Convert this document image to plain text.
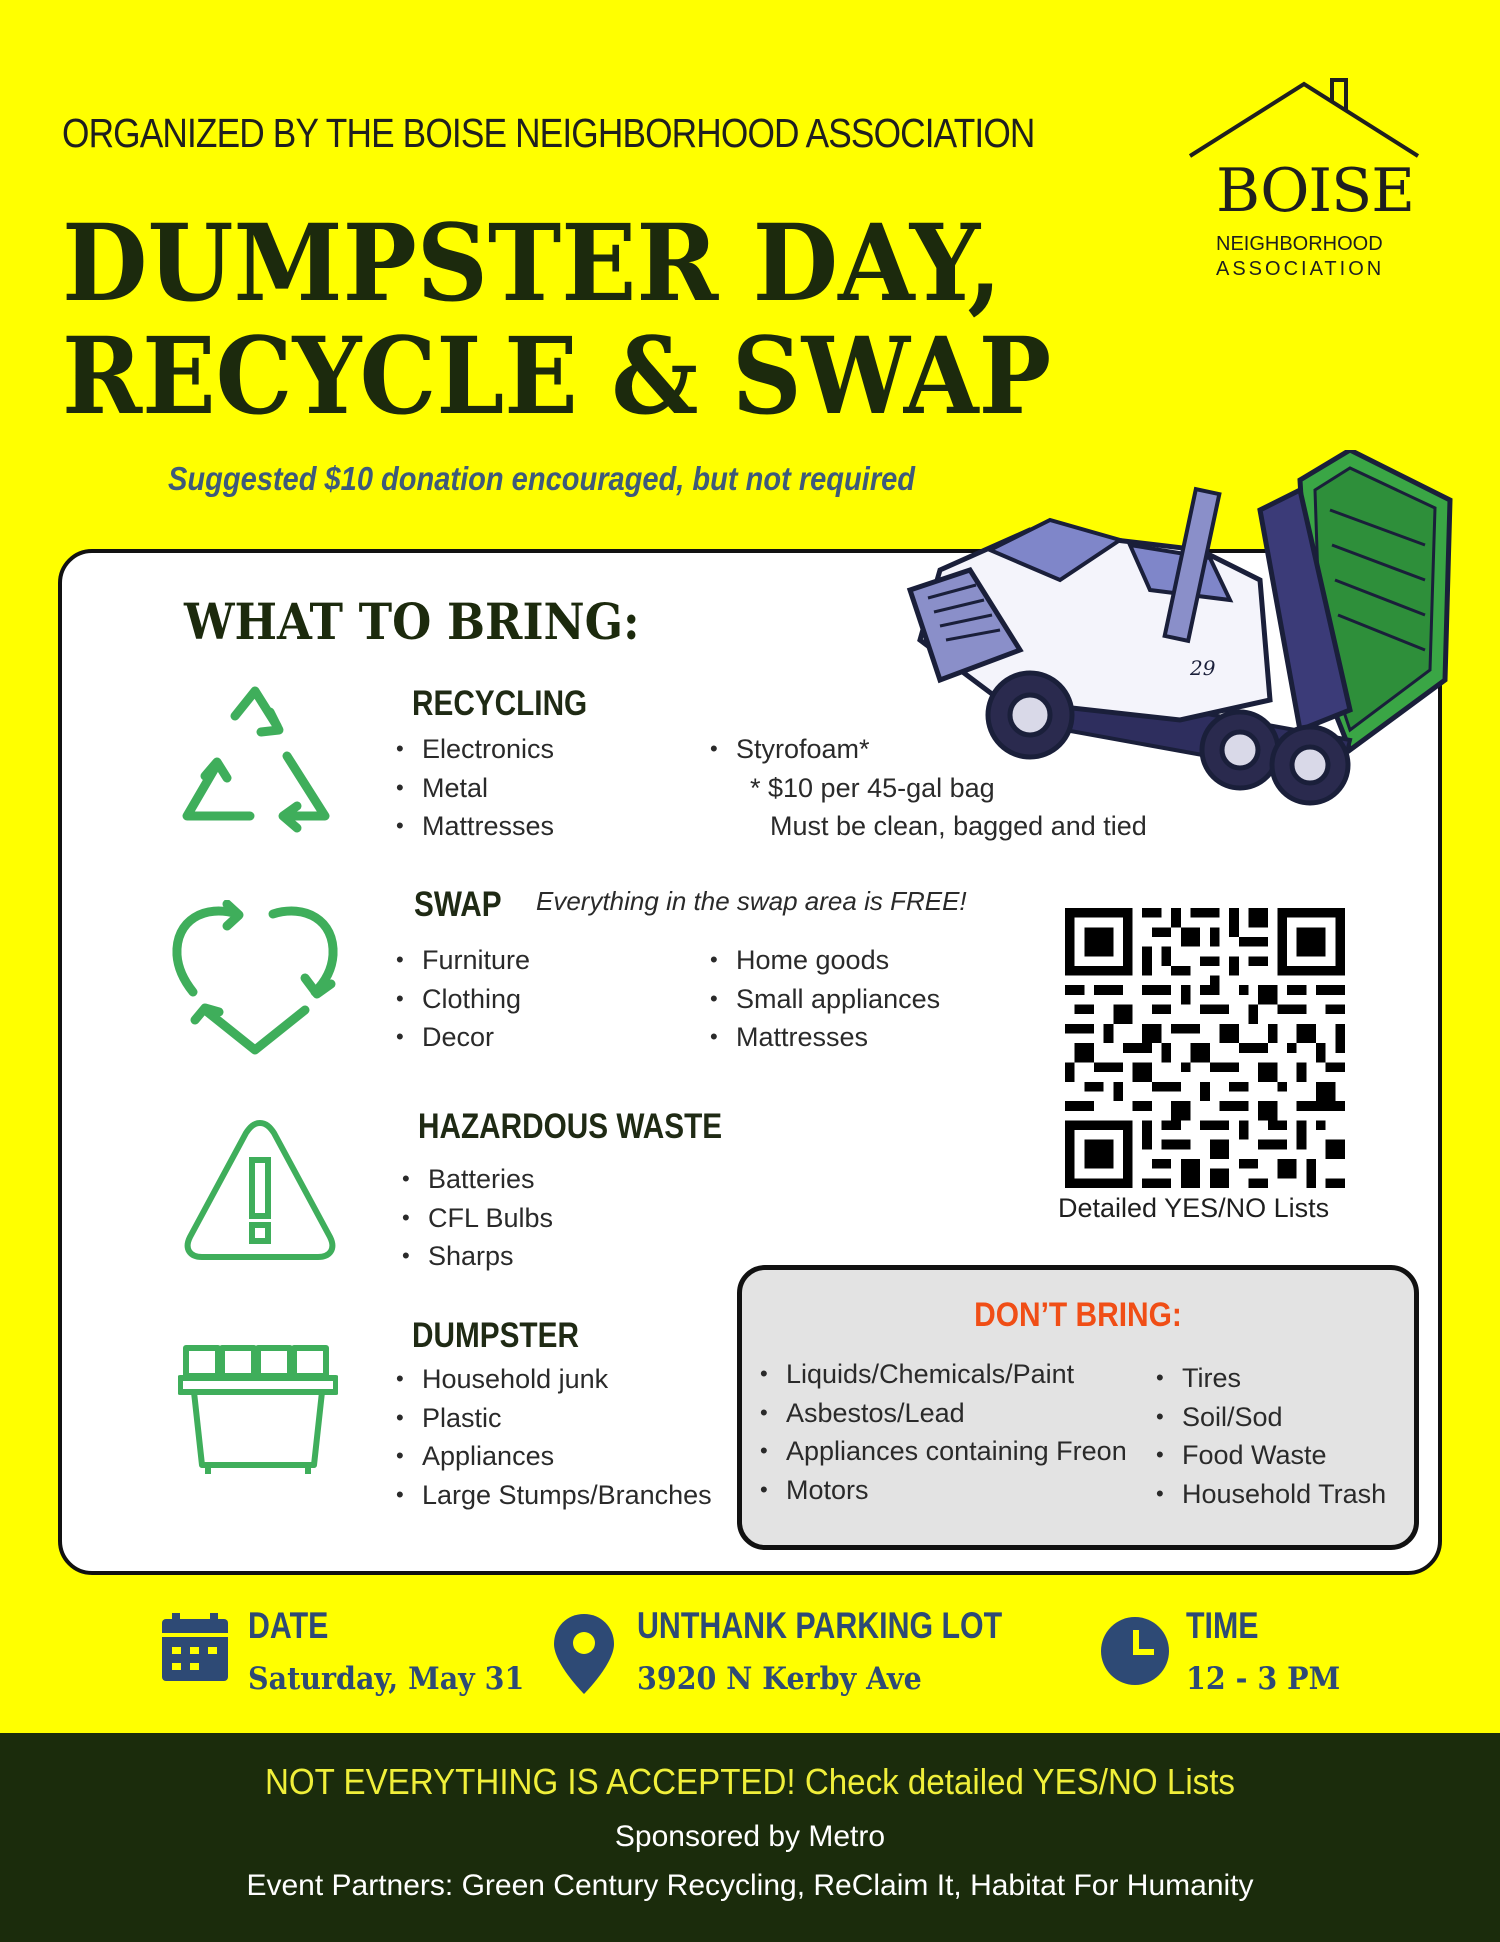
ORGANIZED BY THE BOISE NEIGHBORHOOD ASSOCIATION
DUMPSTER DAY,
RECYCLE & SWAP
Suggested $10 donation encouraged, but not required
BOISE
NEIGHBORHOOD
ASSOCIATION
29
WHAT TO BRING:
RECYCLING
• Electronics
• Metal
• Mattresses
• Styrofoam*
* $10 per 45-gal bag
Must be clean, bagged and tied
SWAP Everything in the swap area is FREE!
• Furniture
• Clothing
• Decor
• Home goods
• Small appliances
• Mattresses
HAZARDOUS WASTE
• Batteries
• CFL Bulbs
• Sharps
DUMPSTER
• Household junk
• Plastic
• Appliances
• Large Stumps/Branches
Detailed YES/NO Lists
DON’T BRING:
• Liquids/Chemicals/Paint
• Asbestos/Lead
• Appliances containing Freon
• Motors
• Tires
• Soil/Sod
• Food Waste
• Household Trash
DATE
Saturday, May 31
UNTHANK PARKING LOT
3920 N Kerby Ave
TIME
12 - 3 PM
NOT EVERYTHING IS ACCEPTED! Check detailed YES/NO Lists
Sponsored by Metro
Event Partners: Green Century Recycling, ReClaim It, Habitat For Humanity
